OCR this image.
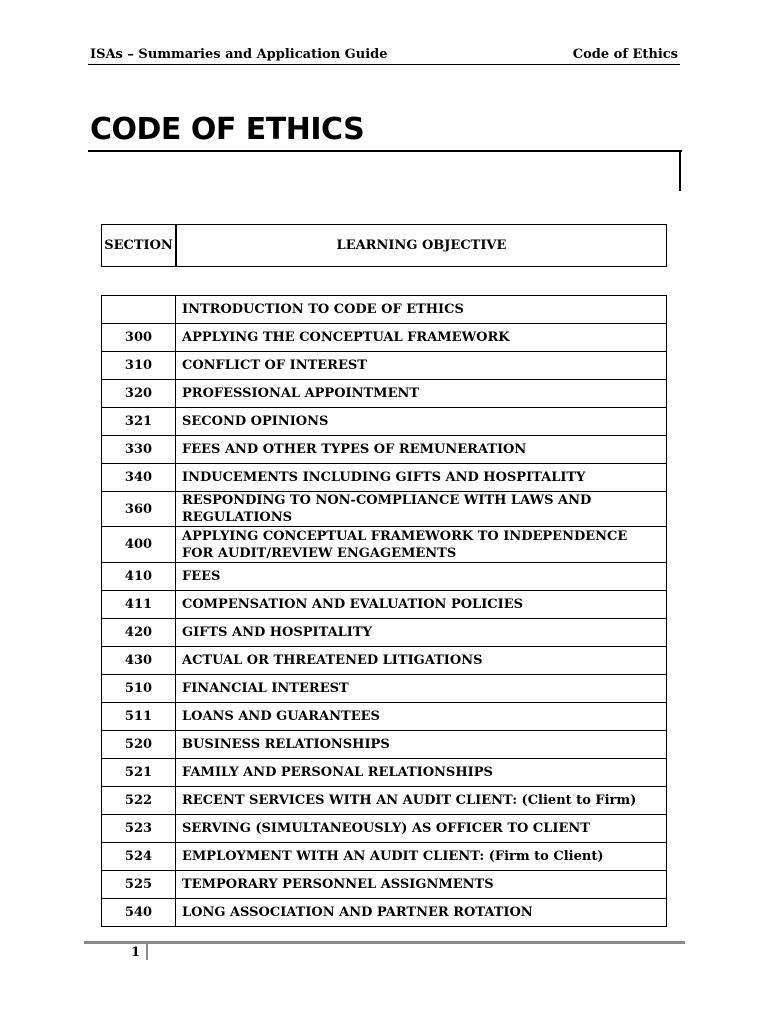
ISAs – Summaries and Application Guide	Code of Ethics
CODE OF ETHICS
SECTION	LEARNING OBJECTIVE
	INTRODUCTION TO CODE OF ETHICS
300	APPLYING THE CONCEPTUAL FRAMEWORK
310	CONFLICT OF INTEREST
320	PROFESSIONAL APPOINTMENT
321	SECOND OPINIONS
330	FEES AND OTHER TYPES OF REMUNERATION
340	INDUCEMENTS INCLUDING GIFTS AND HOSPITALITY
360	RESPONDING TO NON-COMPLIANCE WITH LAWS AND REGULATIONS
400	APPLYING CONCEPTUAL FRAMEWORK TO INDEPENDENCE FOR AUDIT/REVIEW ENGAGEMENTS
410	FEES
411	COMPENSATION AND EVALUATION POLICIES
420	GIFTS AND HOSPITALITY
430	ACTUAL OR THREATENED LITIGATIONS
510	FINANCIAL INTEREST
511	LOANS AND GUARANTEES
520	BUSINESS RELATIONSHIPS
521	FAMILY AND PERSONAL RELATIONSHIPS
522	RECENT SERVICES WITH AN AUDIT CLIENT: (Client to Firm)
523	SERVING (SIMULTANEOUSLY) AS OFFICER TO CLIENT
524	EMPLOYMENT WITH AN AUDIT CLIENT: (Firm to Client)
525	TEMPORARY PERSONNEL ASSIGNMENTS
540	LONG ASSOCIATION AND PARTNER ROTATION
1
